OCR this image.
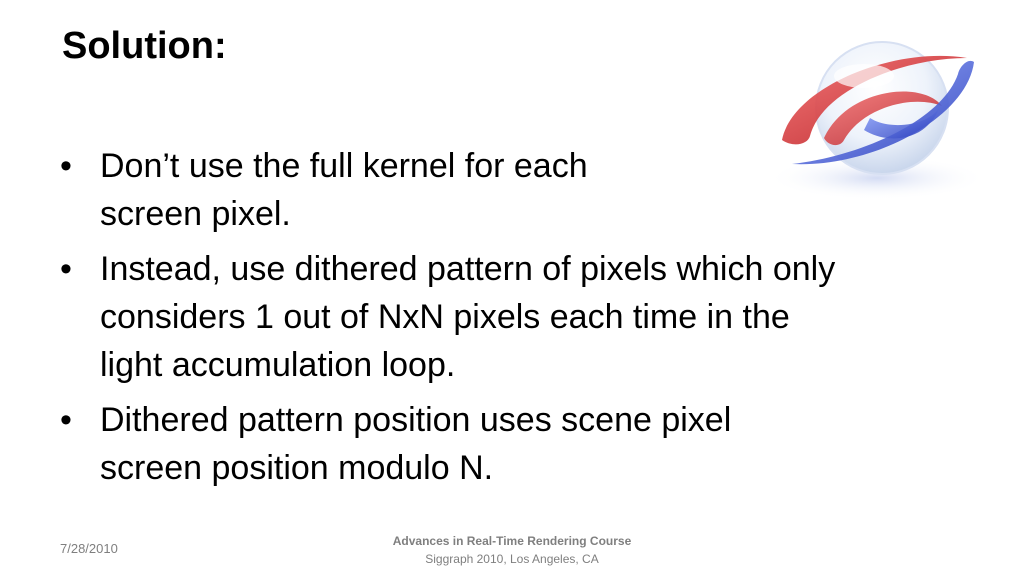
Solution:
• Don’t use the full kernel for each
screen pixel.
• Instead, use dithered pattern of pixels which only
considers 1 out of NxN pixels each time in the
light accumulation loop.
• Dithered pattern position uses scene pixel
screen position modulo N.
7/28/2010	Advances in Real-Time Rendering Course
Siggraph 2010, Los Angeles, CA
